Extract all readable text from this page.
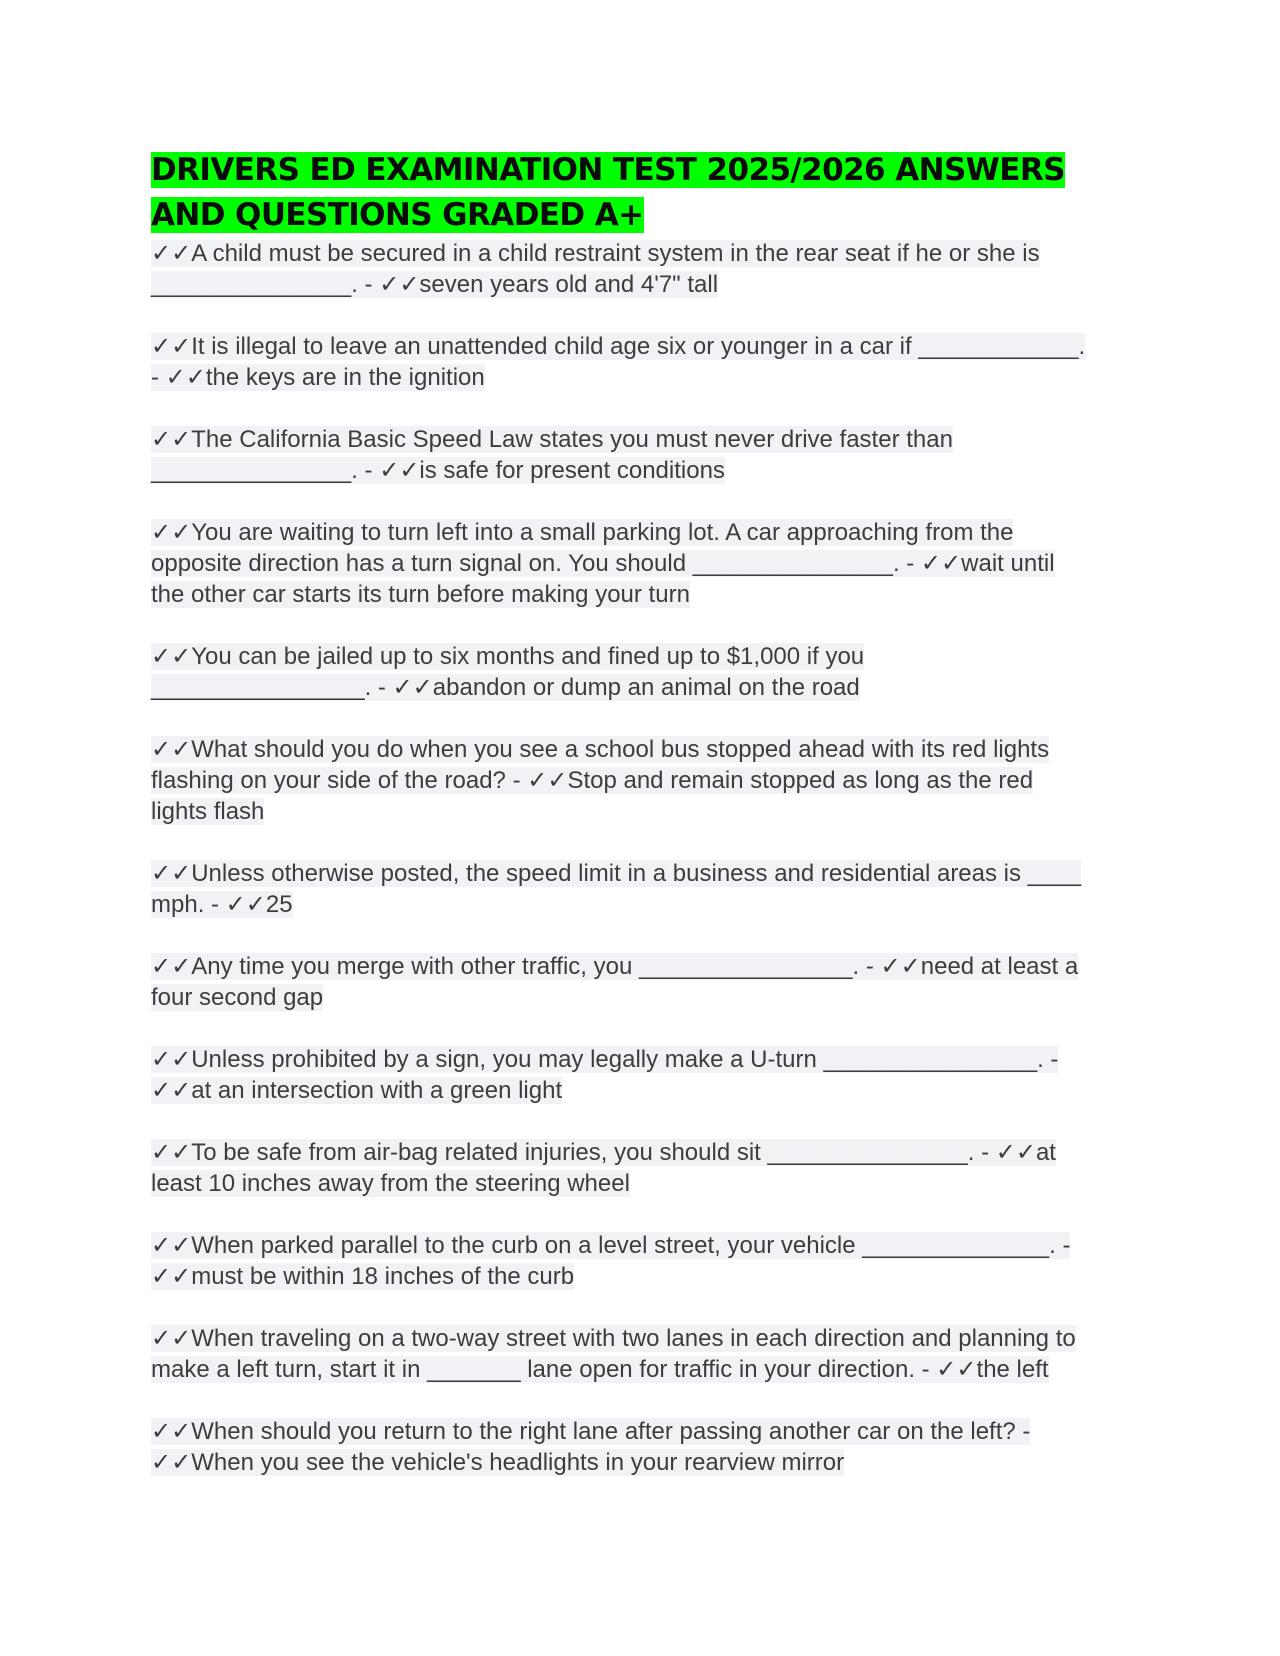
DRIVERS ED EXAMINATION TEST 2025/2026 ANSWERS
AND QUESTIONS GRADED A+
✓✓A child must be secured in a child restraint system in the rear seat if he or she is
_______________. - ✓✓seven years old and 4'7" tall
✓✓It is illegal to leave an unattended child age six or younger in a car if ____________.
- ✓✓the keys are in the ignition
✓✓The California Basic Speed Law states you must never drive faster than
_______________. - ✓✓is safe for present conditions
✓✓You are waiting to turn left into a small parking lot. A car approaching from the
opposite direction has a turn signal on. You should _______________. - ✓✓wait until
the other car starts its turn before making your turn
✓✓You can be jailed up to six months and fined up to $1,000 if you
________________. - ✓✓abandon or dump an animal on the road
✓✓What should you do when you see a school bus stopped ahead with its red lights
flashing on your side of the road? - ✓✓Stop and remain stopped as long as the red
lights flash
✓✓Unless otherwise posted, the speed limit in a business and residential areas is ____
mph. - ✓✓25
✓✓Any time you merge with other traffic, you ________________. - ✓✓need at least a
four second gap
✓✓Unless prohibited by a sign, you may legally make a U-turn ________________. -
✓✓at an intersection with a green light
✓✓To be safe from air-bag related injuries, you should sit _______________. - ✓✓at
least 10 inches away from the steering wheel
✓✓When parked parallel to the curb on a level street, your vehicle ______________. -
✓✓must be within 18 inches of the curb
✓✓When traveling on a two-way street with two lanes in each direction and planning to
make a left turn, start it in _______ lane open for traffic in your direction. - ✓✓the left
✓✓When should you return to the right lane after passing another car on the left? -
✓✓When you see the vehicle's headlights in your rearview mirror
